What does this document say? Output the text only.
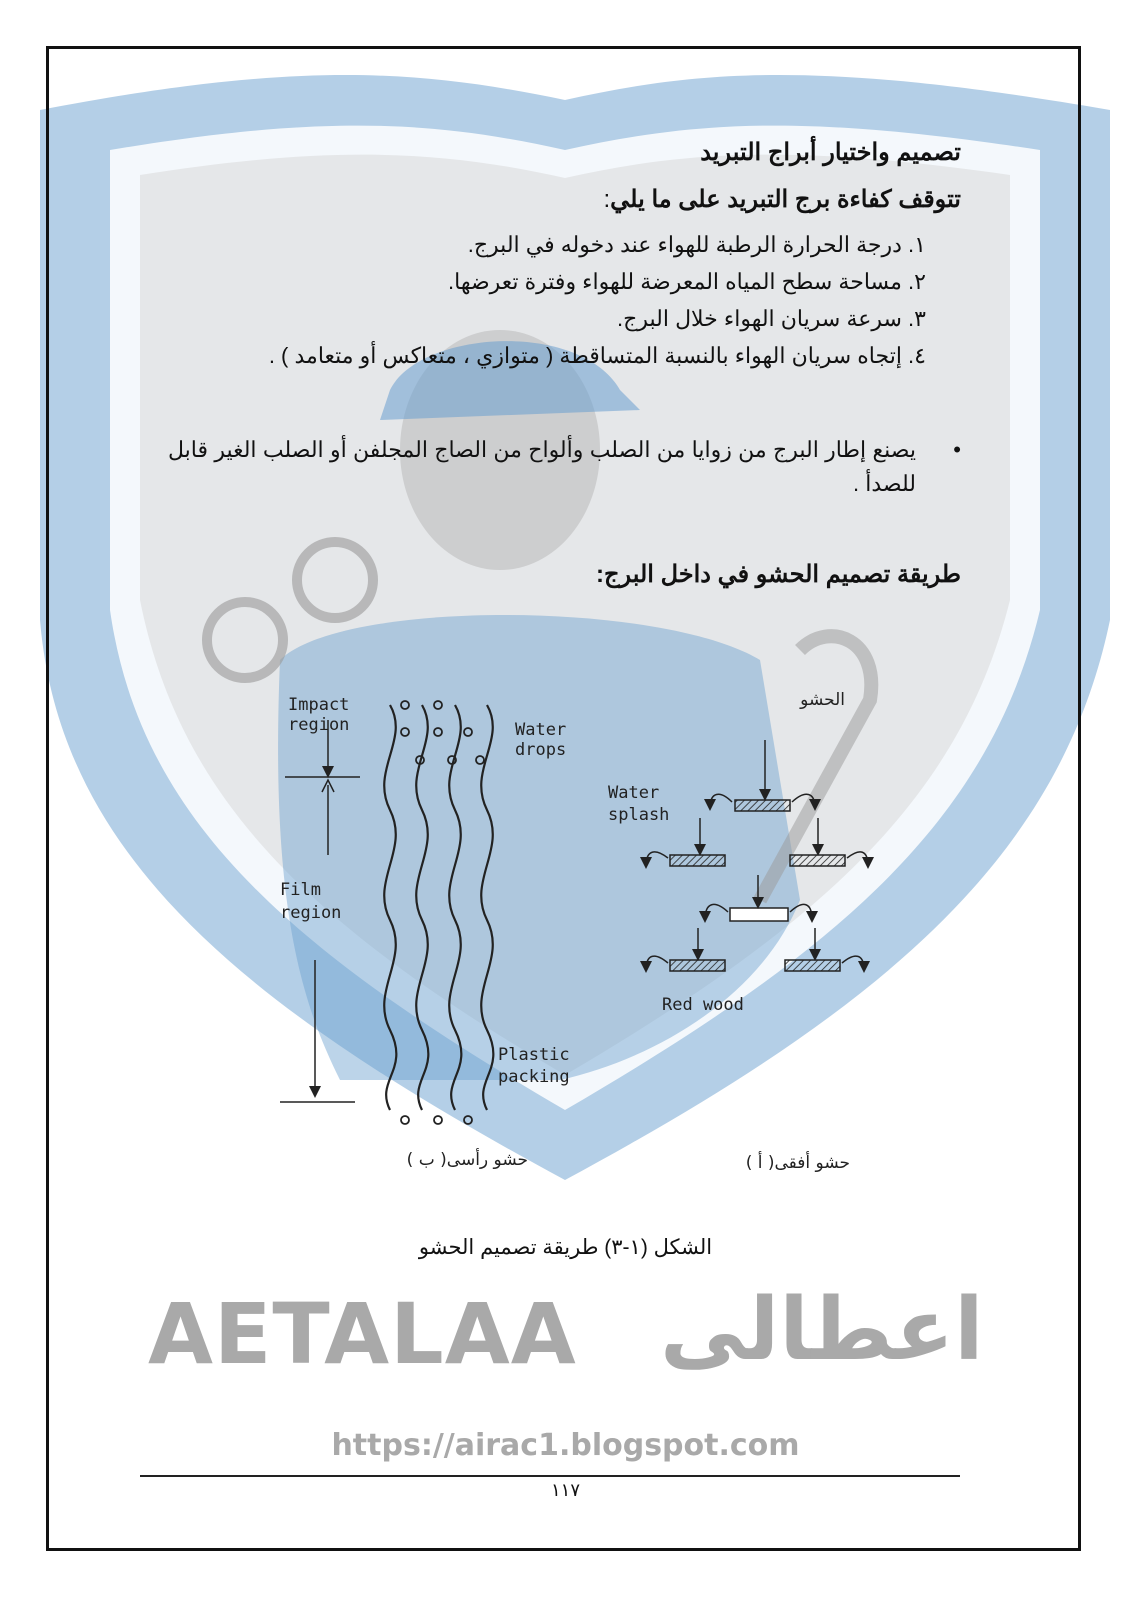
تصميم واختيار أبراج التبريد
تتوقف كفاءة برج التبريد على ما يلي:
١. درجة الحرارة الرطبة للهواء عند دخوله في البرج.
٢. مساحة سطح المياه المعرضة للهواء وفترة تعرضها.
٣. سرعة سريان الهواء خلال البرج.
٤. إتجاه سريان الهواء بالنسبة المتساقطة ( متوازي ، متعاكس أو متعامد ) .
•
يصنع إطار البرج من زوايا من الصلب وألواح من الصاج المجلفن أو الصلب الغير قابل للصدأ .
طريقة تصميم الحشو في داخل البرج:
Impact
region
Film
region
Water
drops
Plastic
packing
الحشو
Water
splash
Red wood
( ب )حشو رأسى	( أ )حشو أفقى
الشكل (١-٣) طريقة تصميم الحشو
AETALAA اعطالى
https://airac1.blogspot.com
١١٧
